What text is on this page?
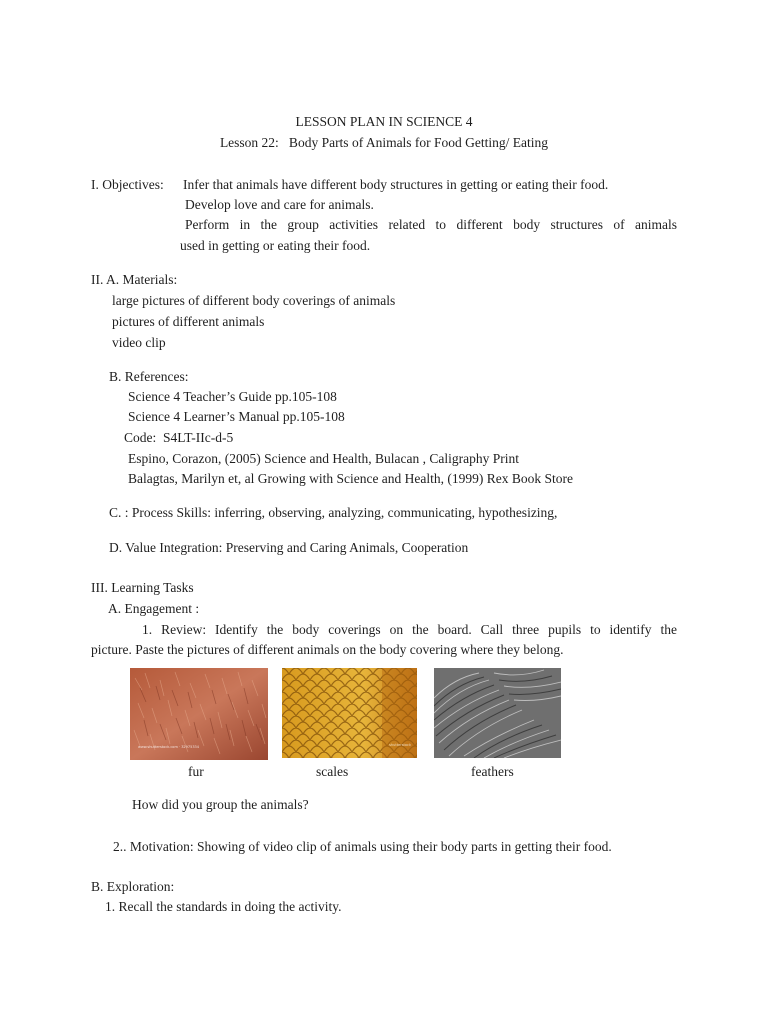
LESSON PLAN IN SCIENCE 4
Lesson 22:   Body Parts of Animals for Food Getting/ Eating
I. Objectives: Infer that animals have different body structures in getting or eating their food.
Develop love and care for animals.
Perform in the group activities related to different body structures of animals
used in getting or eating their food.
II. A. Materials:
large pictures of different body coverings of animals
pictures of different animals
video clip
B. References:
Science 4 Teacher’s Guide pp.105-108
Science 4 Learner’s Manual pp.105-108
Code:  S4LT-IIc-d-5
Espino, Corazon, (2005) Science and Health, Bulacan , Caligraphy Print
Balagtas, Marilyn et, al Growing with Science and Health, (1999) Rex Book Store
C. : Process Skills: inferring, observing, analyzing, communicating, hypothesizing,
D. Value Integration: Preserving and Caring Animals, Cooperation
III. Learning Tasks
A. Engagement :
1. Review: Identify the body coverings on the board. Call three pupils to identify the
picture. Paste the pictures of different animals on the body covering where they belong.
www.shutterstock.com · 32975334	shutterstock
fur	scales	feathers
How did you group the animals?
2.. Motivation: Showing of video clip of animals using their body parts in getting their food.
B. Exploration:
1. Recall the standards in doing the activity.
